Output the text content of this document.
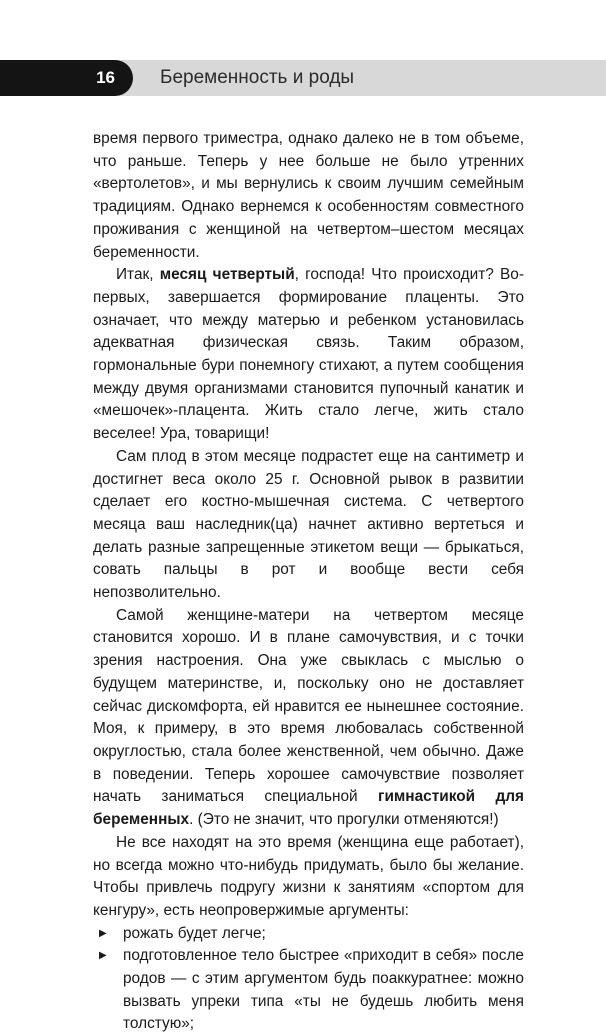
16	Беременность и роды

время первого триместра, однако далеко не в том объеме, что раньше. Теперь у нее больше не было утренних «вертолетов», и мы вернулись к своим лучшим семейным традициям. Однако вернемся к особенностям совместного проживания с женщиной на четвертом–шестом месяцах беременности.

Итак, месяц четвертый, господа! Что происходит? Во-первых, завершается формирование плаценты. Это означает, что между матерью и ребенком установилась адекватная физическая связь. Таким образом, гормональные бури понемногу стихают, а путем сообщения между двумя организмами становится пупочный канатик и «мешочек»-плацента. Жить стало легче, жить стало веселее! Ура, товарищи!

Сам плод в этом месяце подрастет еще на сантиметр и достигнет веса около 25 г. Основной рывок в развитии сделает его костно-мышечная система. С четвертого месяца ваш наследник(ца) начнет активно вертеться и делать разные запрещенные этикетом вещи — брыкаться, совать пальцы в рот и вообще вести себя непозволительно.

Самой женщине-матери на четвертом месяце становится хорошо. И в плане самочувствия, и с точки зрения настроения. Она уже свыклась с мыслью о будущем материнстве, и, поскольку оно не доставляет сейчас дискомфорта, ей нравится ее нынешнее состояние. Моя, к примеру, в это время любовалась собственной округлостью, стала более женственной, чем обычно. Даже в поведении. Теперь хорошее самочувствие позволяет начать заниматься специальной гимнастикой для беременных. (Это не значит, что прогулки отменяются!)

Не все находят на это время (женщина еще работает), но всегда можно что-нибудь придумать, было бы желание. Чтобы привлечь подругу жизни к занятиям «спортом для кенгуру», есть неопровержимые аргументы:

▶ рожать будет легче;
▶ подготовленное тело быстрее «приходит в себя» после родов — с этим аргументом будь поаккуратнее: можно вызвать упреки типа «ты не будешь любить меня толстую»;
